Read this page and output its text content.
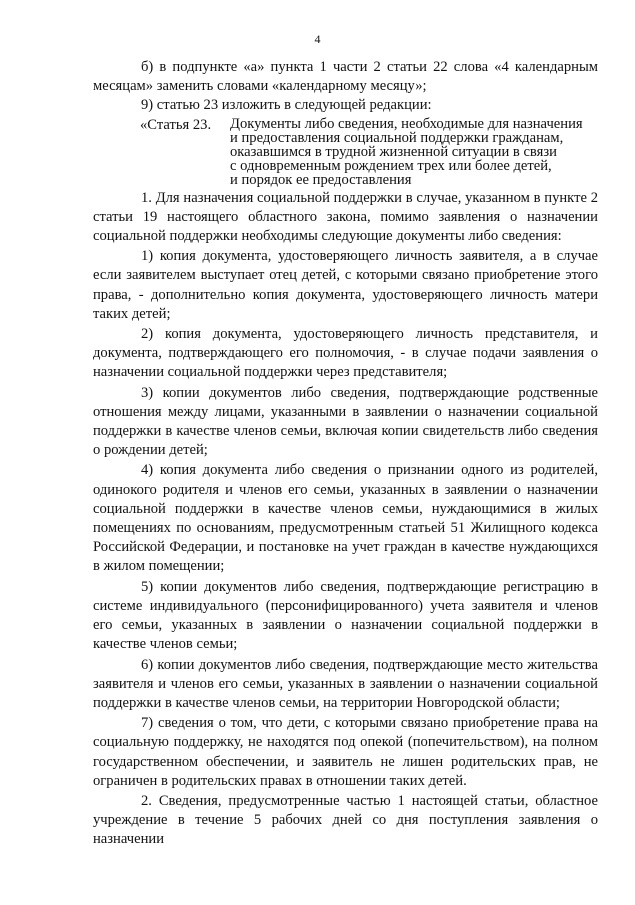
4

б) в подпункте «а» пункта 1 части 2 статьи 22 слова «4 календарным месяцам» заменить словами «календарному месяцу»;

9) статью 23 изложить в следующей редакции:

«Статья 23.	Документы либо сведения, необходимые для назначения
и предоставления социальной поддержки гражданам,
оказавшимся в трудной жизненной ситуации в связи
с одновременным рождением трех или более детей,
и порядок ее предоставления

1. Для назначения социальной поддержки в случае, указанном в пункте 2 статьи 19 настоящего областного закона, помимо заявления о назначении социальной поддержки необходимы следующие документы либо сведения:

1) копия документа, удостоверяющего личность заявителя, а в случае если заявителем выступает отец детей, с которыми связано приобретение этого права, - дополнительно копия документа, удостоверяющего личность матери таких детей;

2) копия документа, удостоверяющего личность представителя, и документа, подтверждающего его полномочия, - в случае подачи заявления о назначении социальной поддержки через представителя;

3) копии документов либо сведения, подтверждающие родственные отношения между лицами, указанными в заявлении о назначении социальной поддержки в качестве членов семьи, включая копии свидетельств либо сведения о рождении детей;

4) копия документа либо сведения о признании одного из родителей, одинокого родителя и членов его семьи, указанных в заявлении о назначении социальной поддержки в качестве членов семьи, нуждающимися в жилых помещениях по основаниям, предусмотренным статьей 51 Жилищного кодекса Российской Федерации, и постановке на учет граждан в качестве нуждающихся в жилом помещении;

5) копии документов либо сведения, подтверждающие регистрацию в системе индивидуального (персонифицированного) учета заявителя и членов его семьи, указанных в заявлении о назначении социальной поддержки в качестве членов семьи;

6) копии документов либо сведения, подтверждающие место жительства заявителя и членов его семьи, указанных в заявлении о назначении социальной поддержки в качестве членов семьи, на территории Новгородской области;

7) сведения о том, что дети, с которыми связано приобретение права на социальную поддержку, не находятся под опекой (попечительством), на полном государственном обеспечении, и заявитель не лишен родительских прав, не ограничен в родительских правах в отношении таких детей.

2. Сведения, предусмотренные частью 1 настоящей статьи, областное учреждение в течение 5 рабочих дней со дня поступления заявления о назначении
